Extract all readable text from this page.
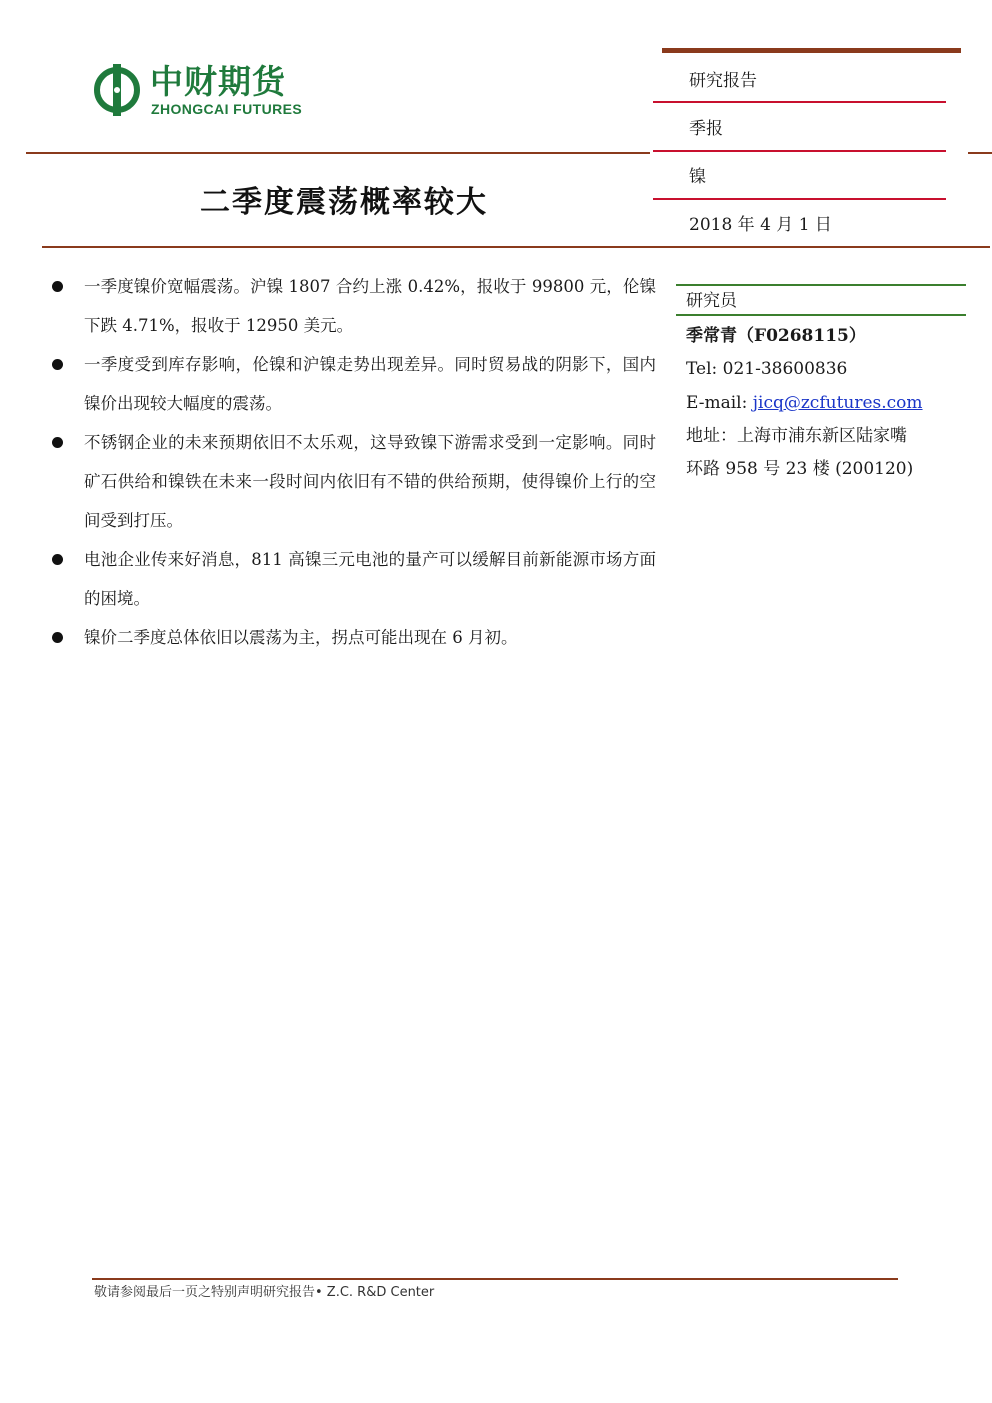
中财期货
ZHONGCAI FUTURES
研究报告
季报
镍
2018 年 4 月 1 日
二季度震荡概率较大
一季度镍价宽幅震荡。沪镍 1807 合约上涨 0.42%，报收于 99800 元，伦镍下跌 4.71%，报收于 12950 美元。
一季度受到库存影响，伦镍和沪镍走势出现差异。同时贸易战的阴影下，国内镍价出现较大幅度的震荡。
不锈钢企业的未来预期依旧不太乐观，这导致镍下游需求受到一定影响。同时矿石供给和镍铁在未来一段时间内依旧有不错的供给预期，使得镍价上行的空间受到打压。
电池企业传来好消息，811 高镍三元电池的量产可以缓解目前新能源市场方面的困境。
镍价二季度总体依旧以震荡为主，拐点可能出现在 6 月初。
研究员
季常青（F0268115）
Tel: 021-38600836
E-mail: jicq@zcfutures.com
地址：上海市浦东新区陆家嘴
环路 958 号 23 楼 (200120)
敬请参阅最后一页之特别声明研究报告• Z.C. R&D Center
